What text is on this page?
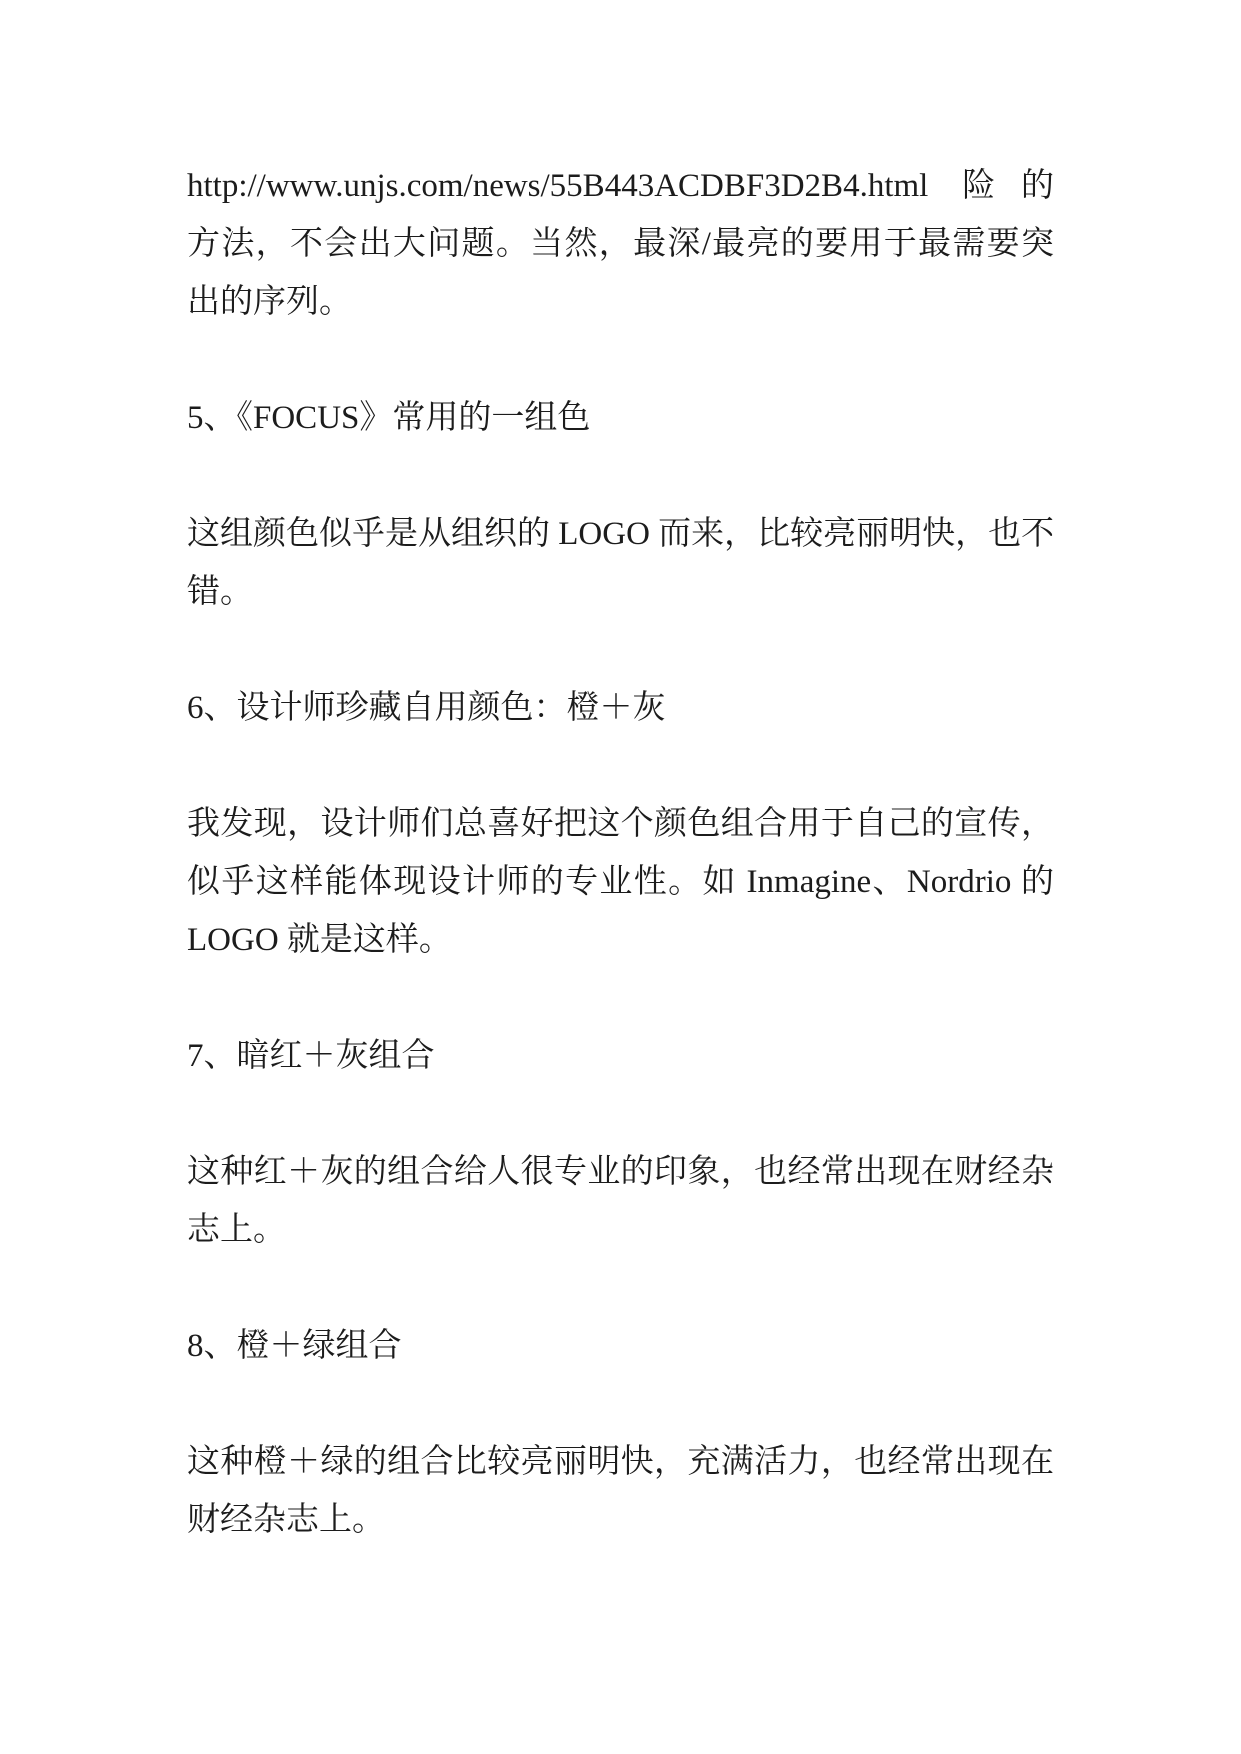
http://www.unjs.com/news/55B443ACDBF3D2B4.html 险的
方法，不会出大问题。当然，最深/最亮的要用于最需要突
出的序列。
5、《FOCUS》常用的一组色
这组颜色似乎是从组织的 LOGO 而来，比较亮丽明快，也不
错。
6、设计师珍藏自用颜色：橙＋灰
我发现，设计师们总喜好把这个颜色组合用于自己的宣传，
似乎这样能体现设计师的专业性。如 Inmagine、Nordrio 的
LOGO 就是这样。
7、暗红＋灰组合
这种红＋灰的组合给人很专业的印象，也经常出现在财经杂
志上。
8、橙＋绿组合
这种橙＋绿的组合比较亮丽明快，充满活力，也经常出现在
财经杂志上。
